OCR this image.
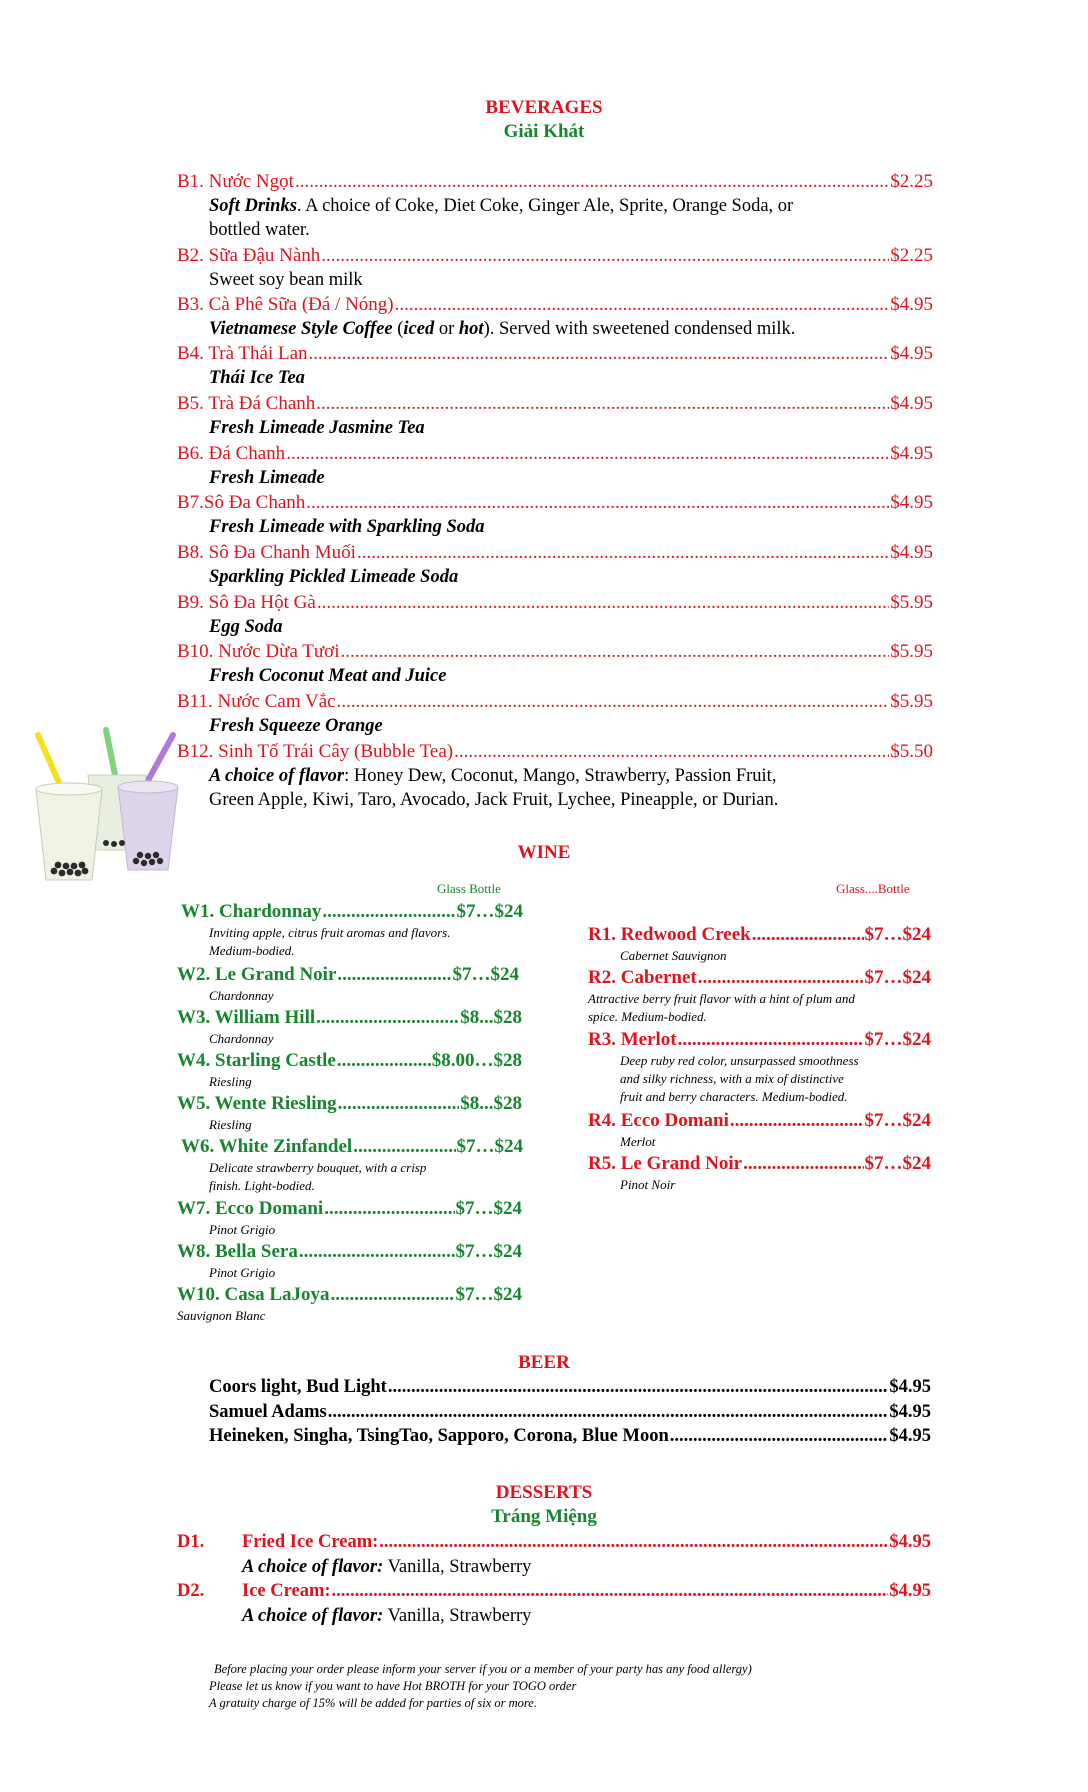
BEVERAGES
Giải Khát
B1. Nước Ngọt .....	$2.25
Soft Drinks. A choice of Coke, Diet Coke, Ginger Ale, Sprite, Orange Soda, or
bottled water.
B2. Sữa Đậu Nành .....	$2.25
Sweet soy bean milk
B3. Cà Phê Sữa (Đá / Nóng) .....	$4.95
Vietnamese Style Coffee (iced or hot). Served with sweetened condensed milk.
B4. Trà Thái Lan .....	$4.95
Thái Ice Tea
B5. Trà Đá Chanh .....	$4.95
Fresh Limeade Jasmine Tea
B6. Đá Chanh .....	$4.95
Fresh Limeade
B7.Sô Đa Chanh .....	$4.95
Fresh Limeade with Sparkling Soda
B8. Sô Đa Chanh Muối .....	$4.95
Sparkling Pickled Limeade Soda
B9. Sô Đa Hột Gà .....	$5.95
Egg Soda
B10. Nước Dừa Tươi .....	$5.95
Fresh Coconut Meat and Juice
B11. Nước Cam Vắc .....	$5.95
Fresh Squeeze Orange
B12. Sinh Tố Trái Cây (Bubble Tea) .....	$5.50
A choice of flavor: Honey Dew, Coconut, Mango, Strawberry, Passion Fruit,
Green Apple, Kiwi, Taro, Avocado, Jack Fruit, Lychee, Pineapple, or Durian.
WINE
Glass Bottle	Glass....Bottle
W1. Chardonnay .....	$7…$24
Inviting apple, citrus fruit aromas and flavors.
Medium-bodied.
W2. Le Grand Noir .....	$7…$24
Chardonnay
W3. William Hill .....	$8...$28
Chardonnay
W4. Starling Castle .....	$8.00…$28
Riesling
W5. Wente Riesling .....	$8...$28
Riesling
W6. White Zinfandel .....	$7…$24
Delicate strawberry bouquet, with a crisp
finish. Light-bodied.
W7. Ecco Domani .....	$7…$24
Pinot Grigio
W8. Bella Sera .....	$7…$24
Pinot Grigio
W10. Casa LaJoya .....	$7…$24
Sauvignon Blanc
R1. Redwood Creek .....	$7…$24
Cabernet Sauvignon
R2. Cabernet .....	$7…$24
Attractive berry fruit flavor with a hint of plum and
spice. Medium-bodied.
R3. Merlot .....	$7…$24
Deep ruby red color, unsurpassed smoothness
and silky richness, with a mix of distinctive
fruit and berry characters. Medium-bodied.
R4. Ecco Domani .....	$7…$24
Merlot
R5. Le Grand Noir .....	$7…$24
Pinot Noir
BEER
Coors light, Bud Light .....	$4.95
Samuel Adams .....	$4.95
Heineken, Singha, TsingTao, Sapporo, Corona, Blue Moon .....	$4.95
DESSERTS
Tráng Miệng
D1. Fried Ice Cream: .....	$4.95
A choice of flavor: Vanilla, Strawberry
D2. Ice Cream: .....	$4.95
A choice of flavor: Vanilla, Strawberry
Before placing your order please inform your server if you or a member of your party has any food allergy)
Please let us know if you want to have Hot BROTH for your TOGO order
A gratuity charge of 15% will be added for parties of six or more.
